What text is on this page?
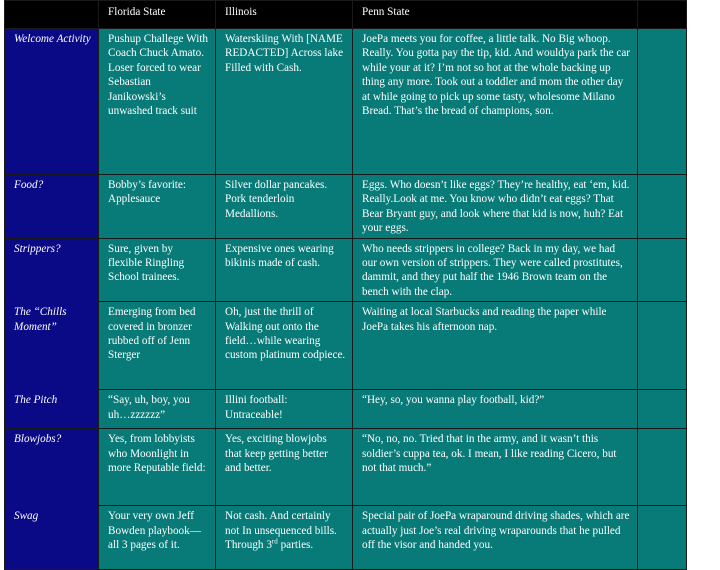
	Florida State	Illinois	Penn State	
Welcome Activity	Pushup Challege With Coach Chuck Amato. Loser forced to wear Sebastian Janikowski’s unwashed track suit	Waterskiing With [NAME REDACTED] Across lake Filled with Cash.	JoePa meets you for coffee, a little talk. No Big whoop. Really. You gotta pay the tip, kid. And wouldya park the car while your at it? I’m not so hot at the whole backing up thing any more. Took out a toddler and mom the other day at while going to pick up some tasty, wholesome Milano Bread. That’s the bread of champions, son.	
Food?	Bobby’s favorite: Applesauce	Silver dollar pancakes. Pork tenderloin Medallions.	Eggs. Who doesn’t like eggs? They’re healthy, eat ‘em, kid. Really.Look at me. You know who didn’t eat eggs? That Bear Bryant guy, and look where that kid is now, huh? Eat your eggs.	
Strippers?	Sure, given by flexible Ringling School trainees.	Expensive ones wearing bikinis made of cash.	Who needs strippers in college? Back in my day, we had our own version of strippers. They were called prostitutes, dammit, and they put half the 1946 Brown team on the bench with the clap.	
The “Chills Moment”	Emerging from bed covered in bronzer rubbed off of Jenn Sterger	Oh, just the thrill of Walking out onto the field…while wearing custom platinum codpiece.	Waiting at local Starbucks and reading the paper while JoePa takes his afternoon nap.	
The Pitch	“Say, uh, boy, you uh…zzzzzz”	Illini football: Untraceable!	“Hey, so, you wanna play football, kid?”	
Blowjobs?	Yes, from lobbyists who Moonlight in more Reputable field:	Yes, exciting blowjobs that keep getting better and better.	“No, no, no. Tried that in the army, and it wasn’t this soldier’s cuppa tea, ok. I mean, I like reading Cicero, but not that much.”	
Swag	Your very own Jeff Bowden playbook—all 3 pages of it.	Not cash. And certainly not In unsequenced bills. Through 3rd parties.	Special pair of JoePa wraparound driving shades, which are actually just Joe’s real driving wraparounds that he pulled off the visor and handed you.	
